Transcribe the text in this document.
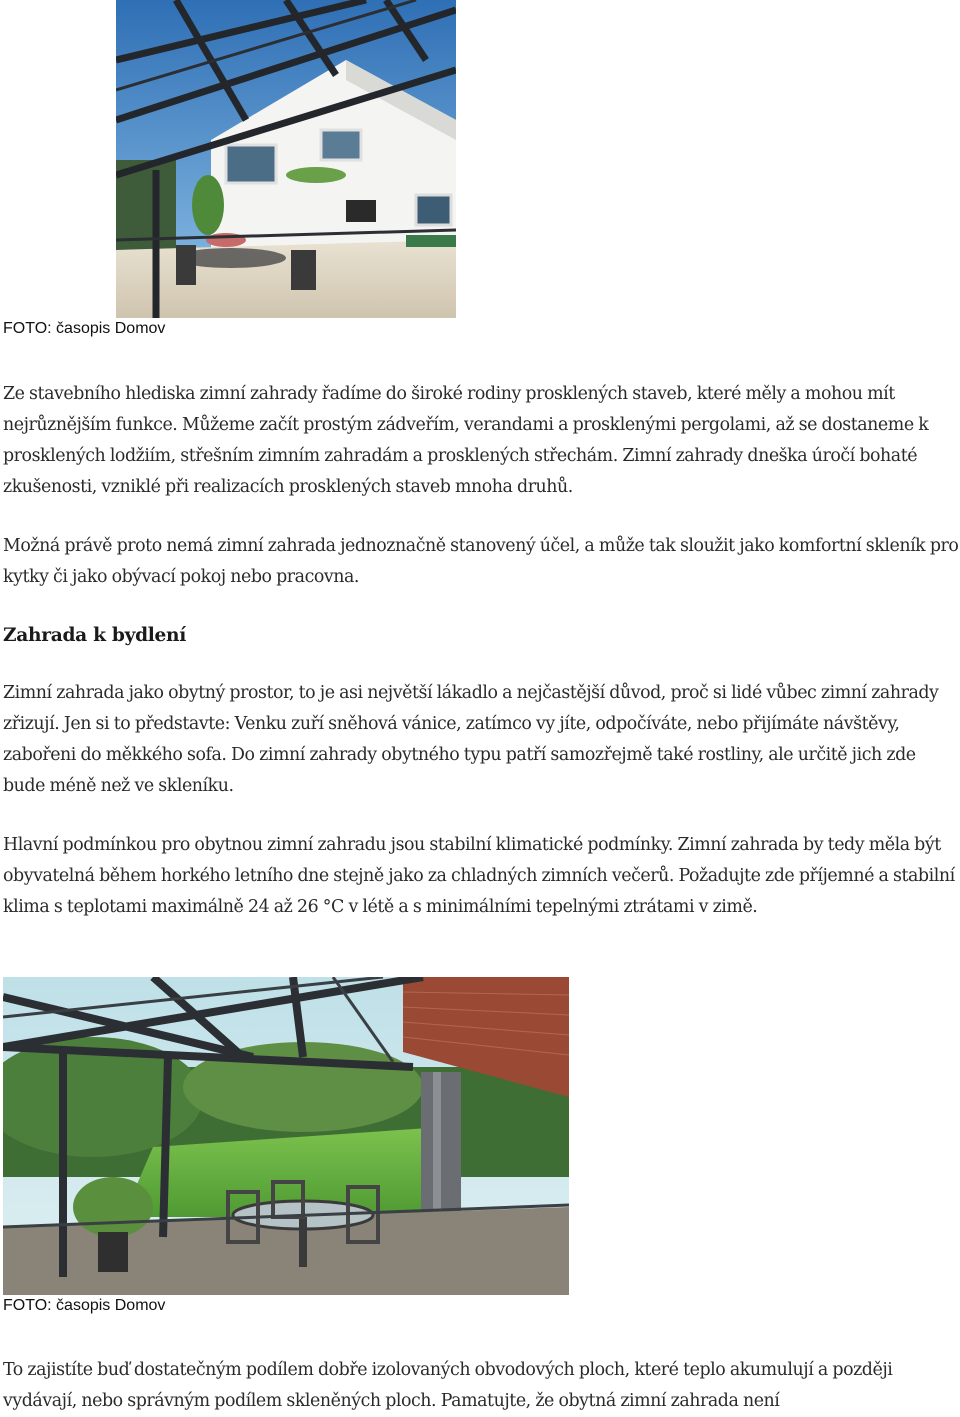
FOTO: časopis Domov

Ze stavebního hlediska zimní zahrady řadíme do široké rodiny prosklených staveb, které měly a mohou mít nejrůznějším funkce. Můžeme začít prostým zádveřím, verandami a prosklenými pergolami, až se dostaneme k prosklených lodžiím, střešním zimním zahradám a prosklených střechám. Zimní zahrady dneška úročí bohaté zkušenosti, vzniklé při realizacích prosklených staveb mnoha druhů.

Možná právě proto nemá zimní zahrada jednoznačně stanovený účel, a může tak sloužit jako komfortní skleník pro kytky či jako obývací pokoj nebo pracovna.

Zahrada k bydlení

Zimní zahrada jako obytný prostor, to je asi největší lákadlo a nejčastější důvod, proč si lidé vůbec zimní zahrady zřizují. Jen si to představte: Venku zuří sněhová vánice, zatímco vy jíte, odpočíváte, nebo přijímáte návštěvy, zabořeni do měkkého sofa. Do zimní zahrady obytného typu patří samozřejmě také rostliny, ale určitě jich zde bude méně než ve skleníku.

Hlavní podmínkou pro obytnou zimní zahradu jsou stabilní klimatické podmínky. Zimní zahrada by tedy měla být obyvatelná během horkého letního dne stejně jako za chladných zimních večerů. Požadujte zde příjemné a stabilní klima s teplotami maximálně 24 až 26 °C v létě a s minimálními tepelnými ztrátami v zimě.

FOTO: časopis Domov

To zajistíte buď dostatečným podílem dobře izolovaných obvodových ploch, které teplo akumulují a později vydávají, nebo správným podílem skleněných ploch. Pamatujte, že obytná zimní zahrada není
